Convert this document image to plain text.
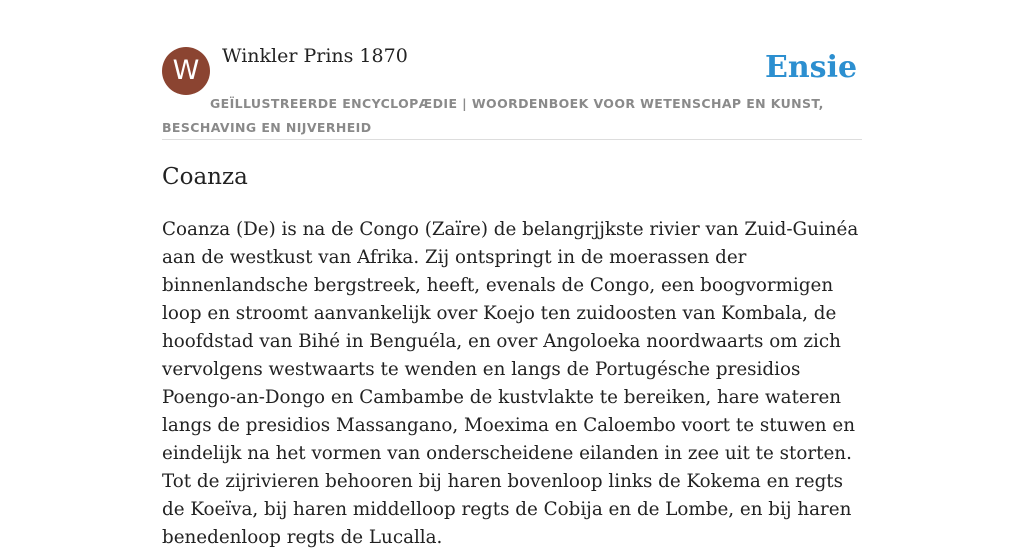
W	Winkler Prins 1870	Ensie

GEÏLLUSTREERDE ENCYCLOPÆDIE | WOORDENBOEK VOOR WETENSCHAP EN KUNST, BESCHAVING EN NIJVERHEID

Coanza

Coanza (De) is na de Congo (Zaïre) de belangrjjkste rivier van Zuid-Guinéa aan de westkust van Afrika. Zij ontspringt in de moerassen der binnenlandsche bergstreek, heeft, evenals de Congo, een boogvormigen loop en stroomt aanvankelijk over Koejo ten zuidoosten van Kombala, de hoofdstad van Bihé in Benguéla, en over Angoloeka noordwaarts om zich vervolgens westwaarts te wenden en langs de Portugésche presidios Poengo-an-Dongo en Cambambe de kustvlakte te bereiken, hare wateren langs de presidios Massangano, Moexima en Caloembo voort te stuwen en eindelijk na het vormen van onderscheidene eilanden in zee uit te storten. Tot de zijrivieren behooren bij haren bovenloop links de Kokema en regts de Koeïva, bij haren middelloop regts de Cobija en de Lombe, en bij haren benedenloop regts de Lucalla.
